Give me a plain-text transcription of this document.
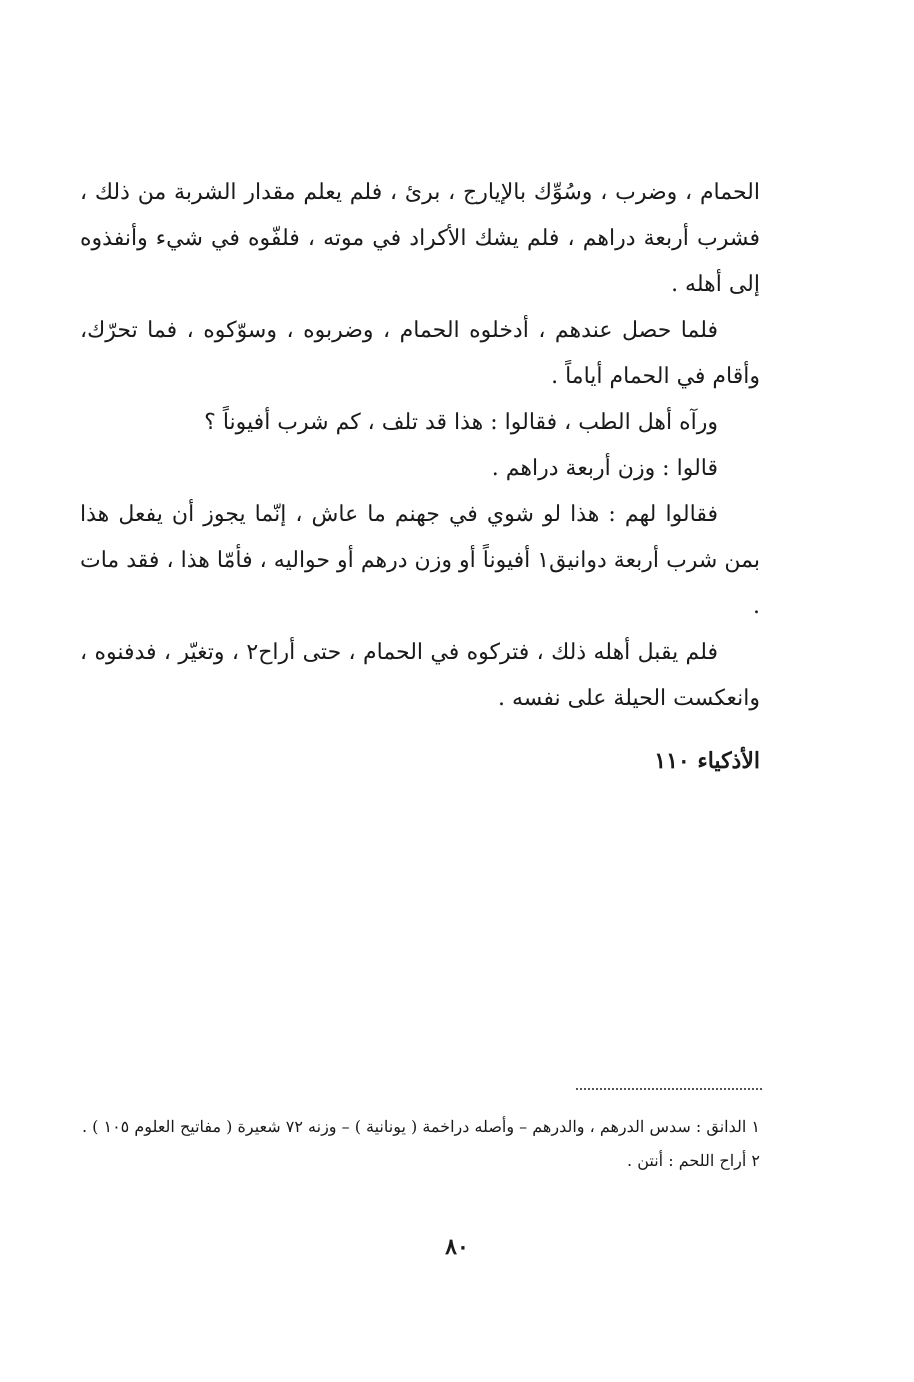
الحمام ، وضرب ، وسُوِّك بالإيارج ، برئ ، فلم يعلم مقدار الشربة من ذلك ، فشرب أربعة دراهم ، فلم يشك الأكراد في موته ، فلفّوه في شيء وأنفذوه إلى أهله .

فلما حصل عندهم ، أدخلوه الحمام ، وضربوه ، وسوّكوه ، فما تحرّك، وأقام في الحمام أياماً .

ورآه أهل الطب ، فقالوا : هذا قد تلف ، كم شرب أفيوناً ؟

قالوا : وزن أربعة دراهم .

فقالوا لهم : هذا لو شوي في جهنم ما عاش ، إنّما يجوز أن يفعل هذا بمن شرب أربعة دوانيق١ أفيوناً أو وزن درهم أو حواليه ، فأمّا هذا ، فقد مات .

فلم يقبل أهله ذلك ، فتركوه في الحمام ، حتى أراح٢ ، وتغيّر ، فدفنوه ، وانعكست الحيلة على نفسه .

الأذكياء ١١٠

١ الدانق : سدس الدرهم ، والدرهم – وأصله دراخمة ( يونانية ) – وزنه ٧٢ شعيرة ( مفاتيح العلوم ١٠٥ ) .

٢ أراح اللحم : أنتن .

٨٠
